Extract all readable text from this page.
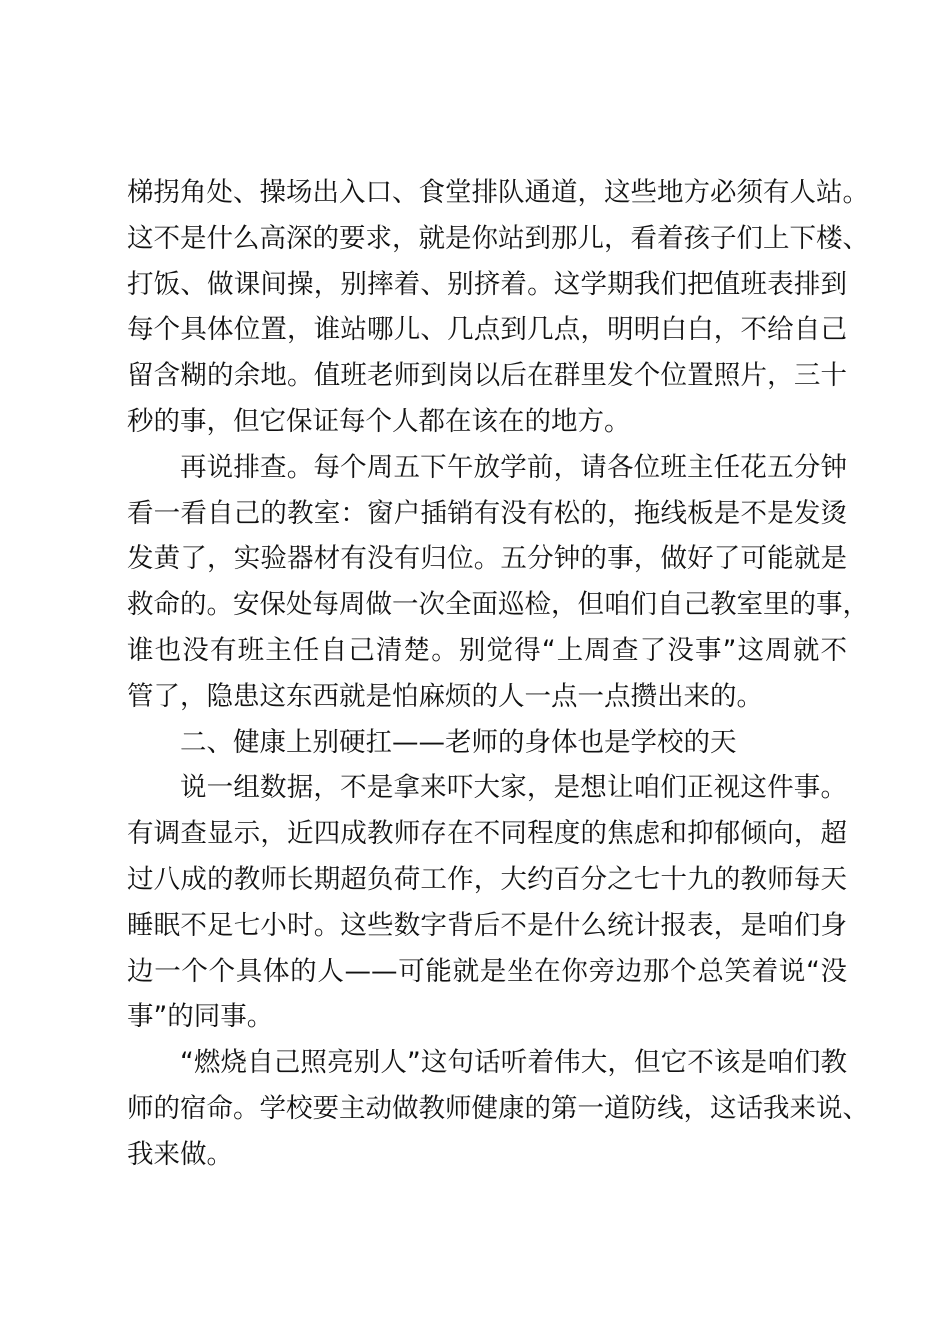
梯拐角处、操场出入口、食堂排队通道，这些地方必须有人站。
这不是什么高深的要求，就是你站到那儿，看着孩子们上下楼、
打饭、做课间操，别摔着、别挤着。这学期我们把值班表排到
每个具体位置，谁站哪儿、几点到几点，明明白白，不给自己
留含糊的余地。值班老师到岗以后在群里发个位置照片，三十
秒的事，但它保证每个人都在该在的地方。
再说排查。每个周五下午放学前，请各位班主任花五分钟
看一看自己的教室：窗户插销有没有松的，拖线板是不是发烫
发黄了，实验器材有没有归位。五分钟的事，做好了可能就是
救命的。安保处每周做一次全面巡检，但咱们自己教室里的事，
谁也没有班主任自己清楚。别觉得“上周查了没事”这周就不
管了，隐患这东西就是怕麻烦的人一点一点攒出来的。
二、健康上别硬扛——老师的身体也是学校的天
说一组数据，不是拿来吓大家，是想让咱们正视这件事。
有调查显示，近四成教师存在不同程度的焦虑和抑郁倾向，超
过八成的教师长期超负荷工作，大约百分之七十九的教师每天
睡眠不足七小时。这些数字背后不是什么统计报表，是咱们身
边一个个具体的人——可能就是坐在你旁边那个总笑着说“没
事”的同事。
“燃烧自己照亮别人”这句话听着伟大，但它不该是咱们教
师的宿命。学校要主动做教师健康的第一道防线，这话我来说、
我来做。
